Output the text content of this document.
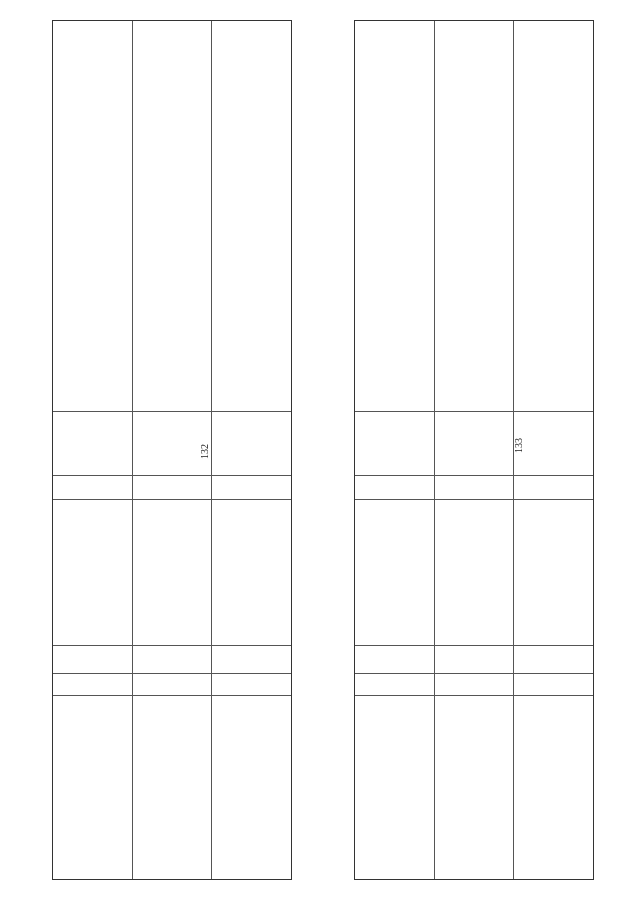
132	133
